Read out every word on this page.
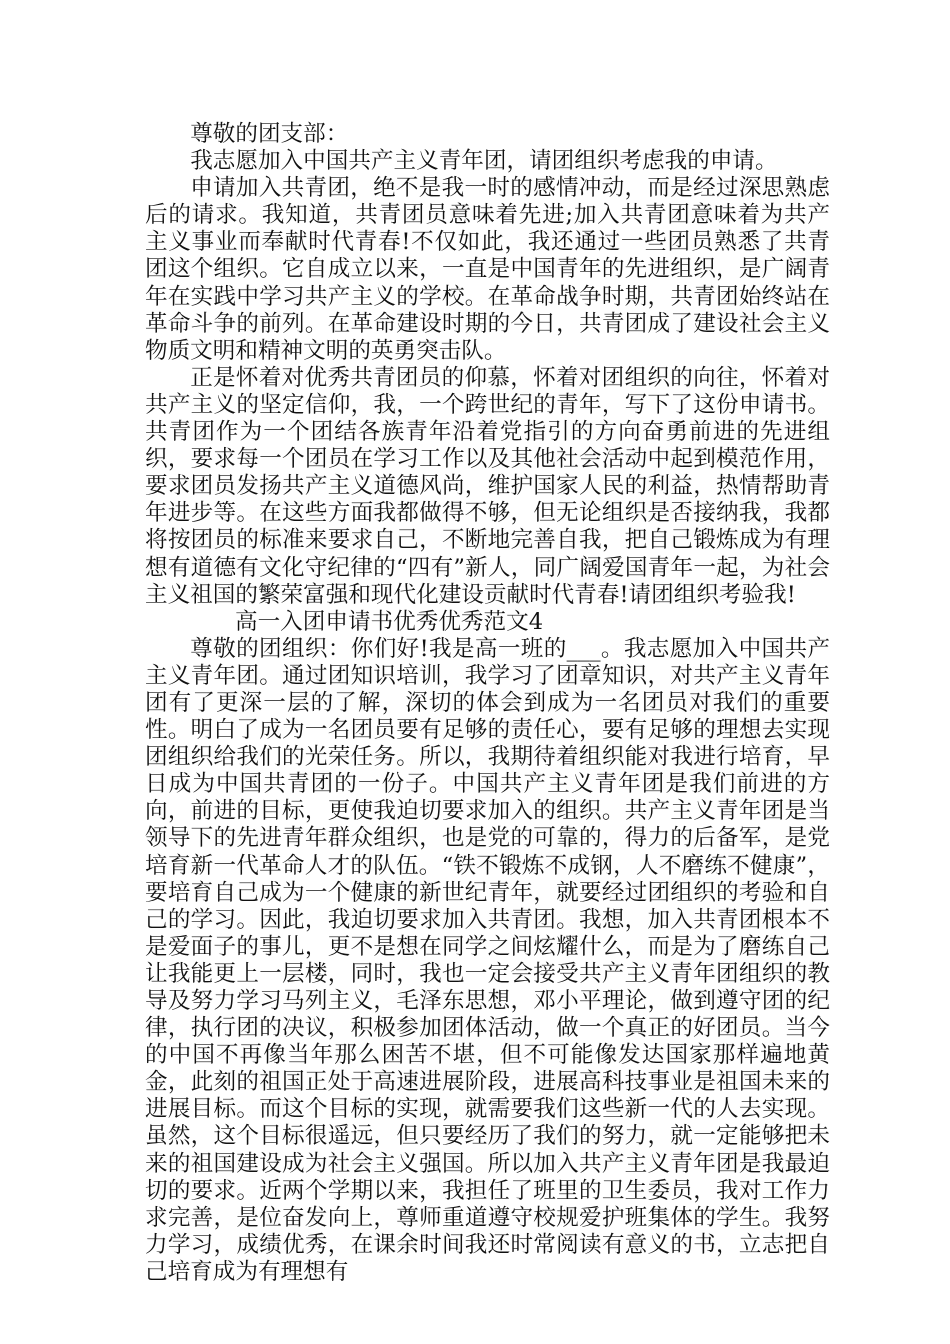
尊敬的团支部：

我志愿加入中国共产主义青年团，请团组织考虑我的申请。

申请加入共青团，绝不是我一时的感情冲动，而是经过深思熟虑后的请求。我知道，共青团员意味着先进;加入共青团意味着为共产主义事业而奉献时代青春!不仅如此，我还通过一些团员熟悉了共青团这个组织。它自成立以来，一直是中国青年的先进组织，是广阔青年在实践中学习共产主义的学校。在革命战争时期，共青团始终站在革命斗争的前列。在革命建设时期的今日，共青团成了建设社会主义物质文明和精神文明的英勇突击队。

正是怀着对优秀共青团员的仰慕，怀着对团组织的向往，怀着对共产主义的坚定信仰，我，一个跨世纪的青年，写下了这份申请书。共青团作为一个团结各族青年沿着党指引的方向奋勇前进的先进组织，要求每一个团员在学习工作以及其他社会活动中起到模范作用，要求团员发扬共产主义道德风尚，维护国家人民的利益，热情帮助青年进步等。在这些方面我都做得不够，但无论组织是否接纳我，我都将按团员的标准来要求自己，不断地完善自我，把自己锻炼成为有理想有道德有文化守纪律的“四有”新人，同广阔爱国青年一起，为社会主义祖国的繁荣富强和现代化建设贡献时代青春!请团组织考验我!

高一入团申请书优秀优秀范文4

尊敬的团组织：你们好!我是高一班的___。我志愿加入中国共产主义青年团。通过团知识培训，我学习了团章知识，对共产主义青年团有了更深一层的了解，深切的体会到成为一名团员对我们的重要性。明白了成为一名团员要有足够的责任心，要有足够的理想去实现团组织给我们的光荣任务。所以，我期待着组织能对我进行培育，早日成为中国共青团的一份子。中国共产主义青年团是我们前进的方向，前进的目标，更使我迫切要求加入的组织。共产主义青年团是当领导下的先进青年群众组织，也是党的可靠的，得力的后备军，是党培育新一代革命人才的队伍。“铁不锻炼不成钢，人不磨练不健康”，要培育自己成为一个健康的新世纪青年，就要经过团组织的考验和自己的学习。因此，我迫切要求加入共青团。我想，加入共青团根本不是爱面子的事儿，更不是想在同学之间炫耀什么，而是为了磨练自己让我能更上一层楼，同时，我也一定会接受共产主义青年团组织的教导及努力学习马列主义，毛泽东思想，邓小平理论，做到遵守团的纪律，执行团的决议，积极参加团体活动，做一个真正的好团员。当今的中国不再像当年那么困苦不堪，但不可能像发达国家那样遍地黄金，此刻的祖国正处于高速进展阶段，进展高科技事业是祖国未来的进展目标。而这个目标的实现，就需要我们这些新一代的人去实现。虽然，这个目标很遥远，但只要经历了我们的努力，就一定能够把未来的祖国建设成为社会主义强国。所以加入共产主义青年团是我最迫切的要求。近两个学期以来，我担任了班里的卫生委员，我对工作力求完善，是位奋发向上，尊师重道遵守校规爱护班集体的学生。我努力学习，成绩优秀，在课余时间我还时常阅读有意义的书，立志把自己培育成为有理想有
